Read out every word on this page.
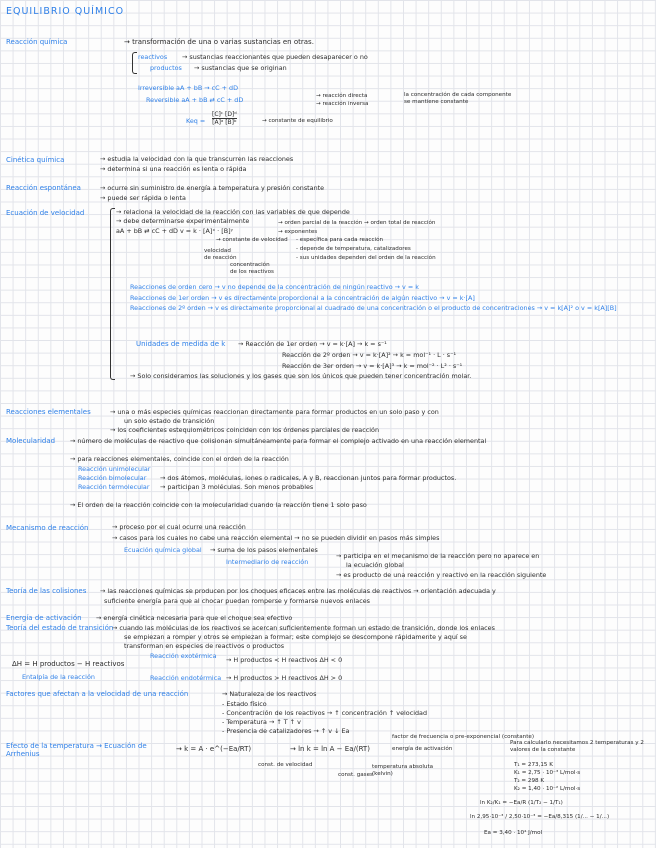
EQUILIBRIO QUÍMICO
Reacción química	→ transformación de una o varias sustancias en otras.
reactivos → sustancias reaccionantes que pueden desaparecer o no
productos → sustancias que se originan
Irreversible aA + bB → cC + dD
Reversible aA + bB ⇄ cC + dD	→ reacción directa
→ reacción inversa
la concentración de cada componente se mantiene constante
Keq =
[C]ᶜ [D]ᵈ
[A]ᵃ [B]ᵇ	→ constante de equilibrio
Cinética química	→ estudia la velocidad con la que transcurren las reacciones
→ determina si una reacción es lenta o rápida
Reacción espontánea	→ ocurre sin suministro de energía a temperatura y presión constante
→ puede ser rápida o lenta
Ecuación de velocidad	→ relaciona la velocidad de la reacción con las variables de que depende
→ debe determinarse experimentalmente
aA + bB ⇄ cC + dD v = k · [A]ˣ · [B]ʸ
→ orden parcial de la reacción → orden total de reacción
→ exponentes
→ constante de velocidad - específica para cada reacción
- depende de temperatura, catalizadores
- sus unidades dependen del orden de la reacción
velocidad
de reacción
concentración
de los reactivos
Reacciones de orden cero → v no depende de la concentración de ningún reactivo → v = k
Reacciones de 1er orden → v es directamente proporcional a la concentración de algún reactivo → v = k·[A]
Reacciones de 2º orden → v es directamente proporcional al cuadrado de una concentración o el producto de concentraciones → v = k[A]² o v = k[A][B]
Unidades de medida de k → Reacción de 1er orden → v = k·[A] → k = s⁻¹
Reacción de 2º orden → v = k·[A]² → k = mol⁻¹ · L · s⁻¹
Reacción de 3er orden → v = k·[A]³ → k = mol⁻² · L² · s⁻¹
→ Solo consideramos las soluciones y los gases que son los únicos que pueden tener concentración molar.
Reacciones elementales	→ una o más especies químicas reaccionan directamente para formar productos en un solo paso y con
un solo estado de transición
→ los coeficientes estequiométricos coinciden con los órdenes parciales de reacción
Molecularidad → número de moléculas de reactivo que colisionan simultáneamente para formar el complejo activado en una reacción elemental
→ para reacciones elementales, coincide con el orden de la reacción
Reacción unimolecular
Reacción bimolecular → dos átomos, moléculas, iones o radicales, A y B, reaccionan juntos para formar productos.
Reacción termolecular → participan 3 moléculas. Son menos probables
→ El orden de la reacción coincide con la molecularidad cuando la reacción tiene 1 solo paso
Mecanismo de reacción	→ proceso por el cual ocurre una reacción
→ casos para los cuales no cabe una reacción elemental → no se pueden dividir en pasos más simples
Ecuación química global → suma de los pasos elementales
Intermediario de reacción
→ participa en el mecanismo de la reacción pero no aparece en
la ecuación global
→ es producto de una reacción y reactivo en la reacción siguiente
Teoría de las colisiones → las reacciones químicas se producen por los choques eficaces entre las moléculas de reactivos → orientación adecuada y
suficiente energía para que al chocar puedan romperse y formarse nuevos enlaces
Energía de activación → energía cinética necesaria para que el choque sea efectivo
Teoría del estado de transición
→ cuando las moléculas de los reactivos se acercan suficientemente forman un estado de transición, donde los enlaces
se empiezan a romper y otros se empiezan a formar; este complejo se descompone rápidamente y aquí se
transforman en especies de reactivos o productos
ΔH = H productos − H reactivos
Entalpía de la reacción
Reacción exotérmica → H productos < H reactivos ΔH < 0
Reacción endotérmica → H productos > H reactivos ΔH > 0
Factores que afectan a la velocidad de una reacción	→ Naturaleza de los reactivos
- Estado físico
- Concentración de los reactivos → ↑ concentración ↑ velocidad
- Temperatura → ↑ T ↑ v
- Presencia de catalizadores → ↑ v ↓ Ea
Efecto de la temperatura → Ecuación de Arrhenius
→ k = A · e^(−Ea/RT)	→ ln k = ln A − Ea/(RT)
factor de frecuencia o pre-exponencial (constante)
energía de activación
const. de velocidad
const. gases
temperatura absoluta (kelvin)
Para calcularlo necesitamos 2 temperaturas y 2 valores de la constante
T₁ = 273,15 K
K₁ = 2,75 · 10⁻³ L/mol·s
T₂ = 298 K
K₂ = 1,40 · 10⁻² L/mol·s
ln K₂/K₁ = −Ea/R (1/T₂ − 1/T₁)
ln 2,95·10⁻³ / 2,50·10⁻³ = −Ea/8,315 (1/... − 1/...)
Ea = 3,40 · 10⁴ J/mol
